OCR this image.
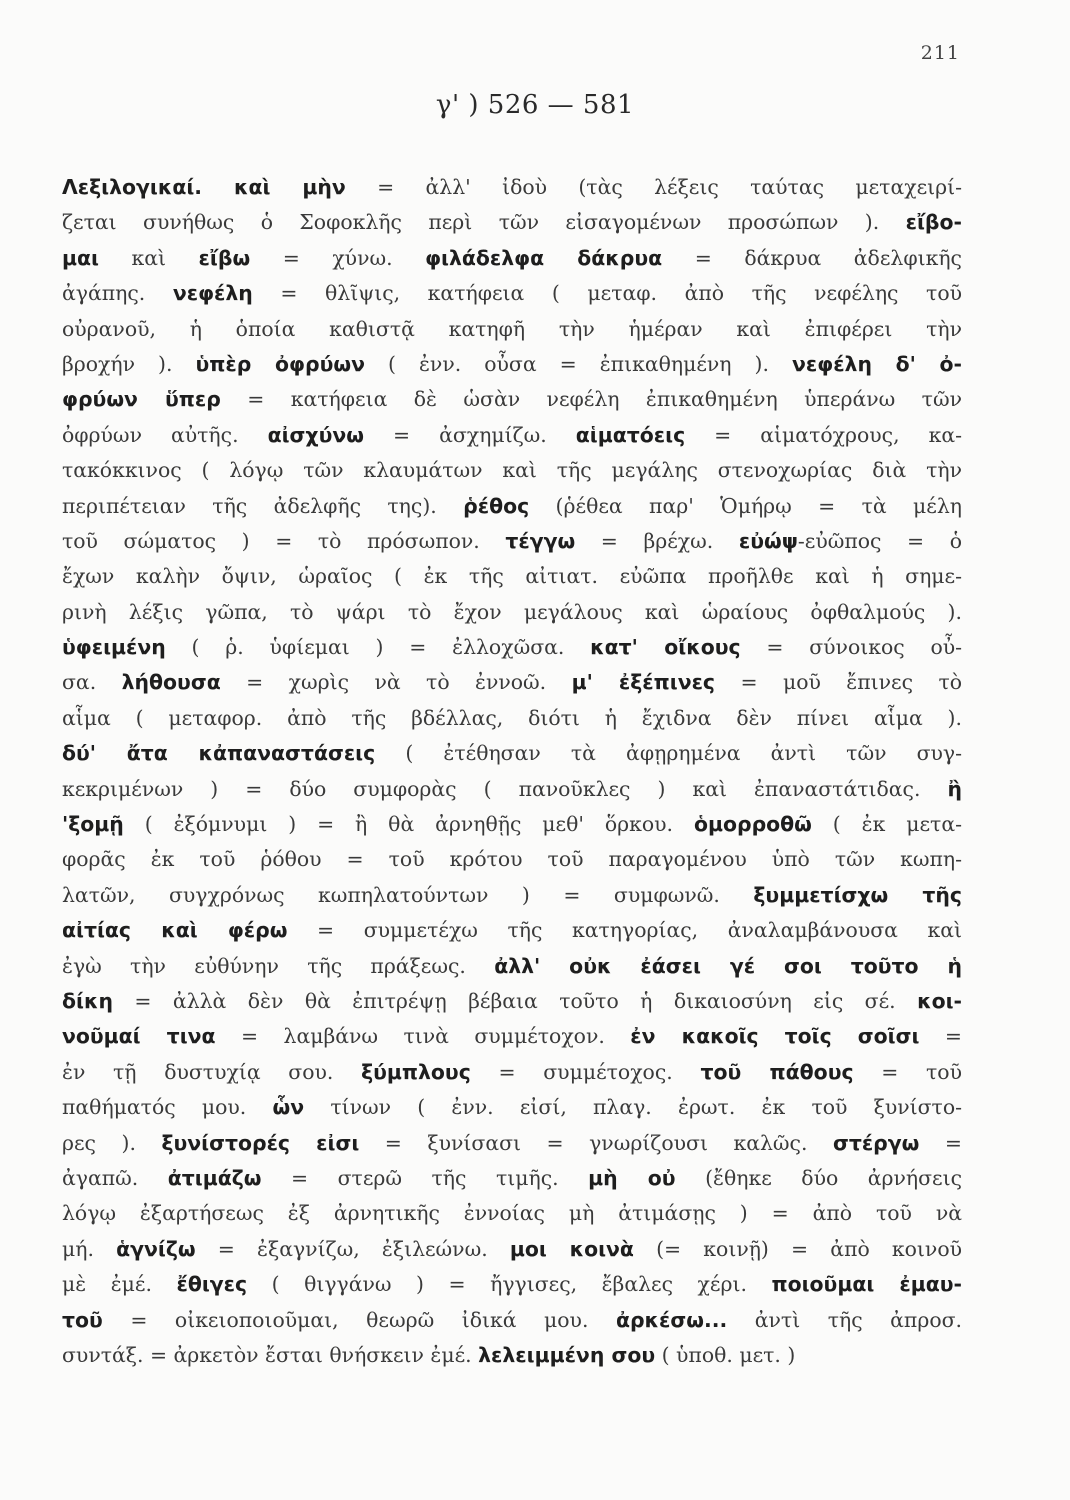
211
γ' ) 526 — 581
Λεξιλογικαί. καὶ μὴν = ἀλλ' ἰδοὺ (τὰς λέξεις ταύτας μεταχειρί-
ζεται συνήθως ὁ Σοφοκλῆς περὶ τῶν εἰσαγομένων προσώπων ). εἴβο-
μαι καὶ εἴβω = χύνω. φιλάδελφα δάκρυα = δάκρυα ἀδελφικῆς
ἀγάπης. νεφέλη = θλῖψις, κατήφεια ( μεταφ. ἀπὸ τῆς νεφέλης τοῦ
οὐρανοῦ, ἡ ὁποία καθιστᾷ κατηφῆ τὴν ἡμέραν καὶ ἐπιφέρει τὴν
βροχήν ). ὑπὲρ ὀφρύων ( ἐνν. οὖσα = ἐπικαθημένη ). νεφέλη δ' ὀ-
φρύων ὕπερ = κατήφεια δὲ ὡσὰν νεφέλη ἐπικαθημένη ὑπεράνω τῶν
ὀφρύων αὐτῆς. αἰσχύνω = ἀσχημίζω. αἱματόεις = αἱματόχρους, κα-
τακόκκινος ( λόγῳ τῶν κλαυμάτων καὶ τῆς μεγάλης στενοχωρίας διὰ τὴν
περιπέτειαν τῆς ἀδελφῆς της). ῥέθος (ῥέθεα παρ' Ὁμήρῳ = τὰ μέλη
τοῦ σώματος ) = τὸ πρόσωπον. τέγγω = βρέχω. εὐώψ-εὐῶπος = ὁ
ἔχων καλὴν ὄψιν, ὡραῖος ( ἐκ τῆς αἰτιατ. εὐῶπα προῆλθε καὶ ἡ σημε-
ρινὴ λέξις γῶπα, τὸ ψάρι τὸ ἔχον μεγάλους καὶ ὡραίους ὀφθαλμούς ).
ὑφειμένη ( ῥ. ὑφίεμαι ) = ἐλλοχῶσα. κατ' οἴκους = σύνοικος οὖ-
σα. λήθουσα = χωρὶς νὰ τὸ ἐννοῶ. μ' ἐξέπινες = μοῦ ἔπινες τὸ
αἷμα ( μεταφορ. ἀπὸ τῆς βδέλλας, διότι ἡ ἔχιδνα δὲν πίνει αἷμα ).
δύ' ἄτα κἀπαναστάσεις ( ἐτέθησαν τὰ ἀφῃρημένα ἀντὶ τῶν συγ-
κεκριμένων ) = δύο συμφορὰς ( πανοῦκλες ) καὶ ἐπαναστάτιδας. ἢ
'ξομῇ ( ἐξόμνυμι ) = ἢ θὰ ἀρνηθῇς μεθ' ὅρκου. ὁμορροθῶ ( ἐκ μετα-
φορᾶς ἐκ τοῦ ῥόθου = τοῦ κρότου τοῦ παραγομένου ὑπὸ τῶν κωπη-
λατῶν, συγχρόνως κωπηλατούντων ) = συμφωνῶ. ξυμμετίσχω τῆς
αἰτίας καὶ φέρω = συμμετέχω τῆς κατηγορίας, ἀναλαμβάνουσα καὶ
ἐγὼ τὴν εὐθύνην τῆς πράξεως. ἀλλ' οὐκ ἐάσει γέ σοι τοῦτο ἡ
δίκη = ἀλλὰ δὲν θὰ ἐπιτρέψῃ βέβαια τοῦτο ἡ δικαιοσύνη εἰς σέ. κοι-
νοῦμαί τινα = λαμβάνω τινὰ συμμέτοχον. ἐν κακοῖς τοῖς σοῖσι =
ἐν τῇ δυστυχίᾳ σου. ξύμπλους = συμμέτοχος. τοῦ πάθους = τοῦ
παθήματός μου. ὧν τίνων ( ἐνν. εἰσί, πλαγ. ἐρωτ. ἐκ τοῦ ξυνίστο-
ρες ). ξυνίστορές εἰσι = ξυνίσασι = γνωρίζουσι καλῶς. στέργω =
ἀγαπῶ. ἀτιμάζω = στερῶ τῆς τιμῆς. μὴ οὐ (ἔθηκε δύο ἀρνήσεις
λόγῳ ἐξαρτήσεως ἐξ ἀρνητικῆς ἐννοίας μὴ ἀτιμάσῃς ) = ἀπὸ τοῦ νὰ
μή. ἁγνίζω = ἐξαγνίζω, ἐξιλεώνω. μοι κοινὰ (= κοινῇ) = ἀπὸ κοινοῦ
μὲ ἐμέ. ἔθιγες ( θιγγάνω ) = ἤγγισες, ἔβαλες χέρι. ποιοῦμαι ἐμαυ-
τοῦ = οἰκειοποιοῦμαι, θεωρῶ ἰδικά μου. ἀρκέσω... ἀντὶ τῆς ἀπροσ.
συντάξ. = ἀρκετὸν ἔσται θνήσκειν ἐμέ. λελειμμένη σου ( ὑποθ. μετ. )
